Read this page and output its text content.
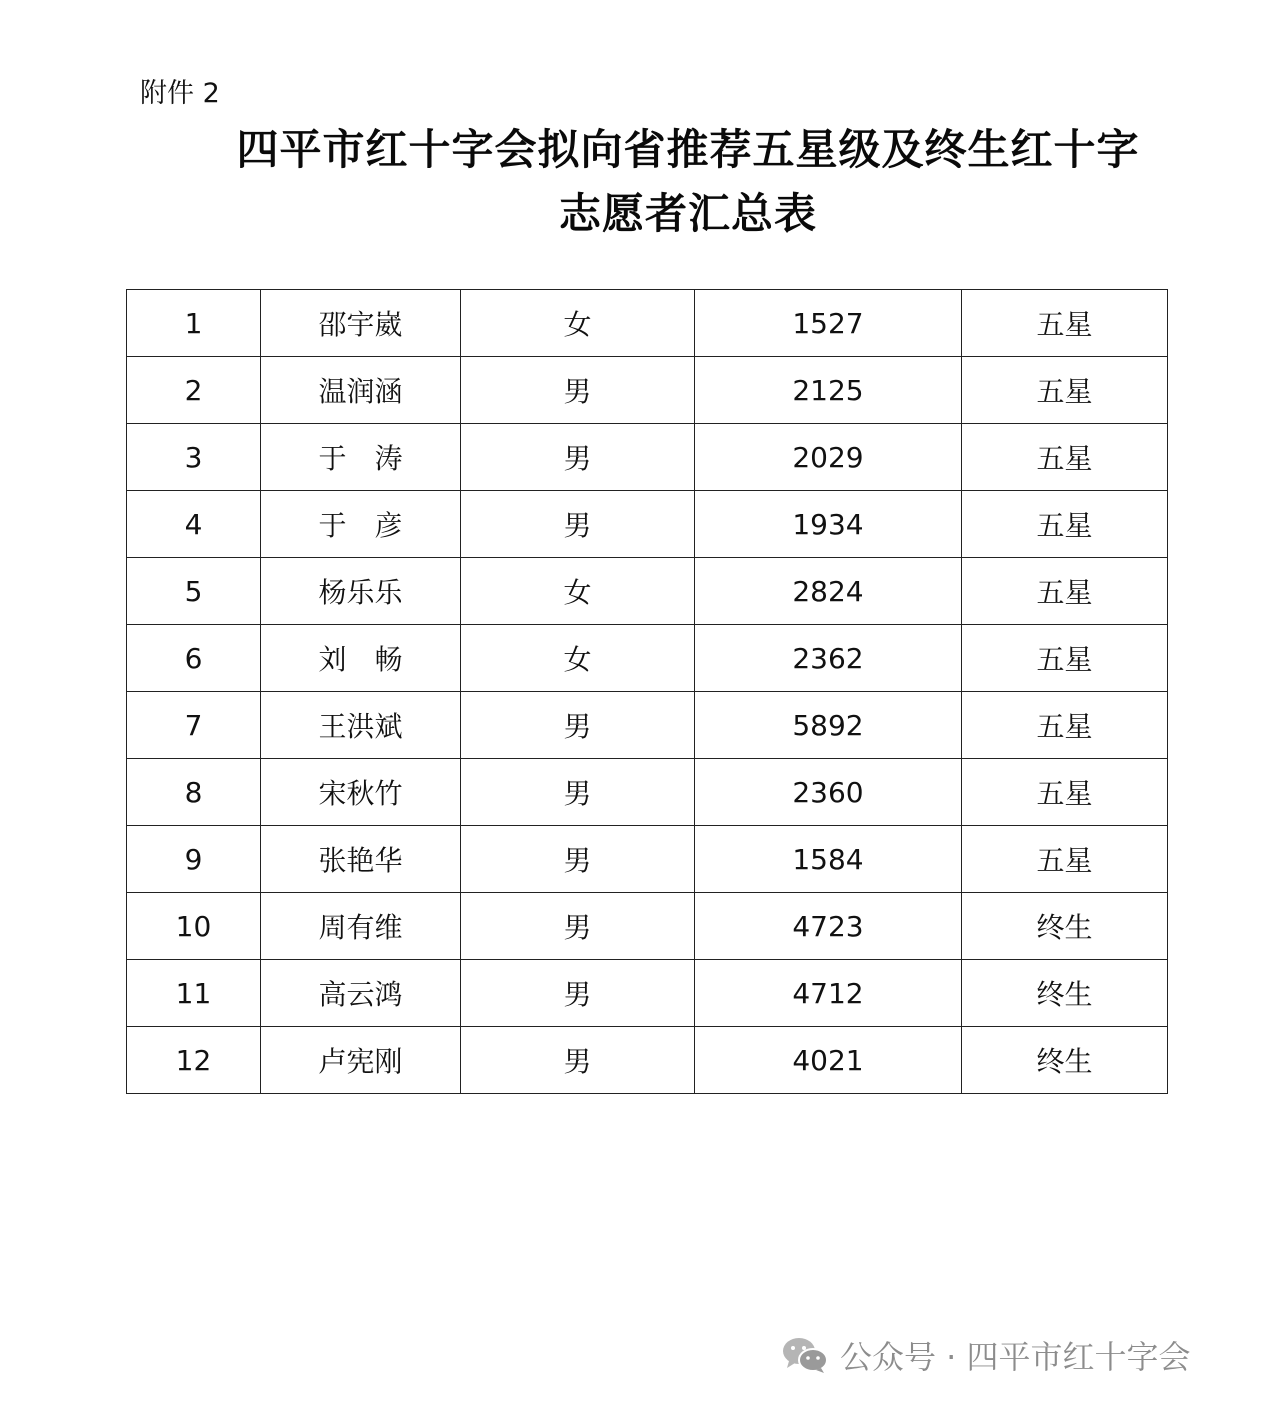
附件 2
四平市红十字会拟向省推荐五星级及终生红十字
志愿者汇总表
1	邵宇崴	女	1527	五星
2	温润涵	男	2125	五星
3	于　涛	男	2029	五星
4	于　彦	男	1934	五星
5	杨乐乐	女	2824	五星
6	刘　畅	女	2362	五星
7	王洪斌	男	5892	五星
8	宋秋竹	男	2360	五星
9	张艳华	男	1584	五星
10	周有维	男	4723	终生
11	高云鸿	男	4712	终生
12	卢宪刚	男	4021	终生
公众号 · 四平市红十字会
